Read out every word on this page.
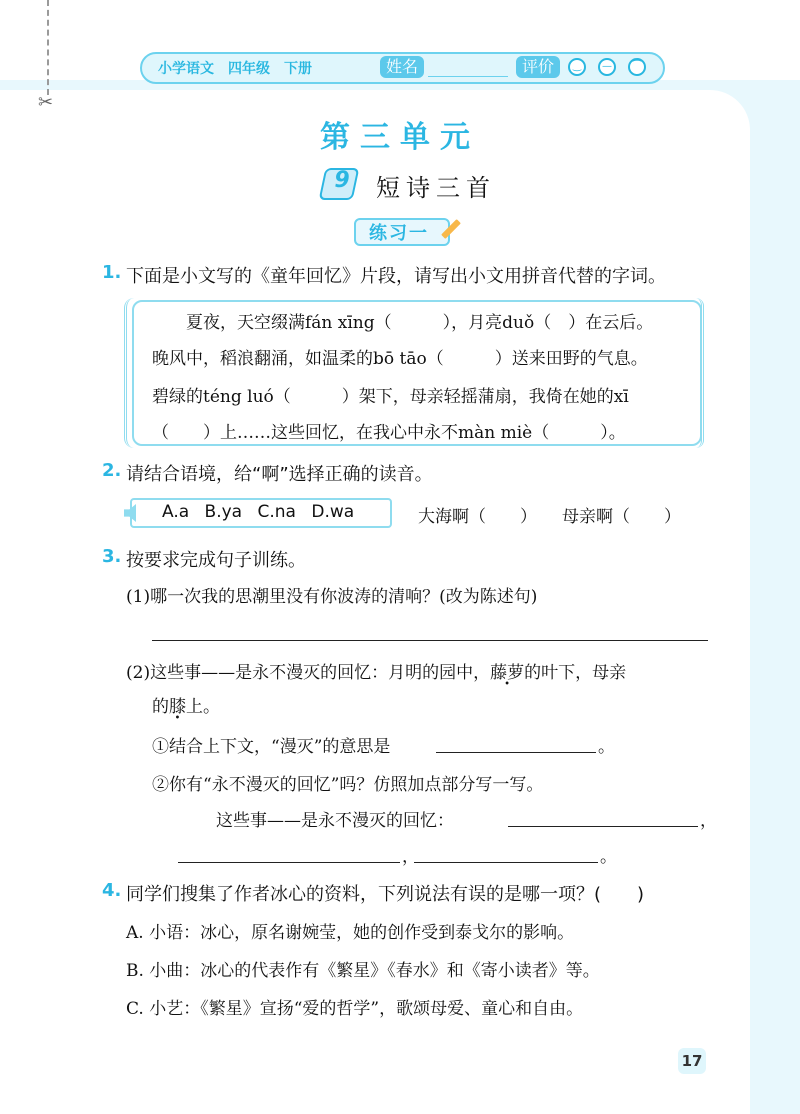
✂
小学语文 四年级 下册	姓名	评价	‿	—	⁀
第三单元
9 短诗三首
练习一
1. 下面是小文写的《童年回忆》片段，请写出小文用拼音代替的字词。
夏夜，天空缀满fán xīng（　　　），月亮duǒ（　）在云后。
晚风中，稻浪翻涌，如温柔的bō tāo（　　　）送来田野的气息。
碧绿的téng luó（　　　）架下，母亲轻摇蒲扇，我倚在她的xī
（　　）上……这些回忆，在我心中永不màn miè（　　　）。
2. 请结合语境，给“啊”选择正确的读音。
A.a B.ya C.na D.wa	大海啊（　　） 母亲啊（　　）
3. 按要求完成句子训练。
(1)哪一次我的思潮里没有你波涛的清响？(改为陈述句)
(2)这些事——是永不漫灭的回忆：月明的园中，藤萝的叶下，母亲 •
的膝上。
①结合上下文，“漫灭”的意思是	。
②你有“永不漫灭的回忆”吗？仿照加点部分写一写。
这些事——是永不漫灭的回忆：	，
，	。
4. 同学们搜集了作者冰心的资料，下列说法有误的是哪一项？(　　)
A. 小语：冰心，原名谢婉莹，她的创作受到泰戈尔的影响。
B. 小曲：冰心的代表作有《繁星》《春水》和《寄小读者》等。
C. 小艺：《繁星》宣扬“爱的哲学”，歌颂母爱、童心和自由。
17
